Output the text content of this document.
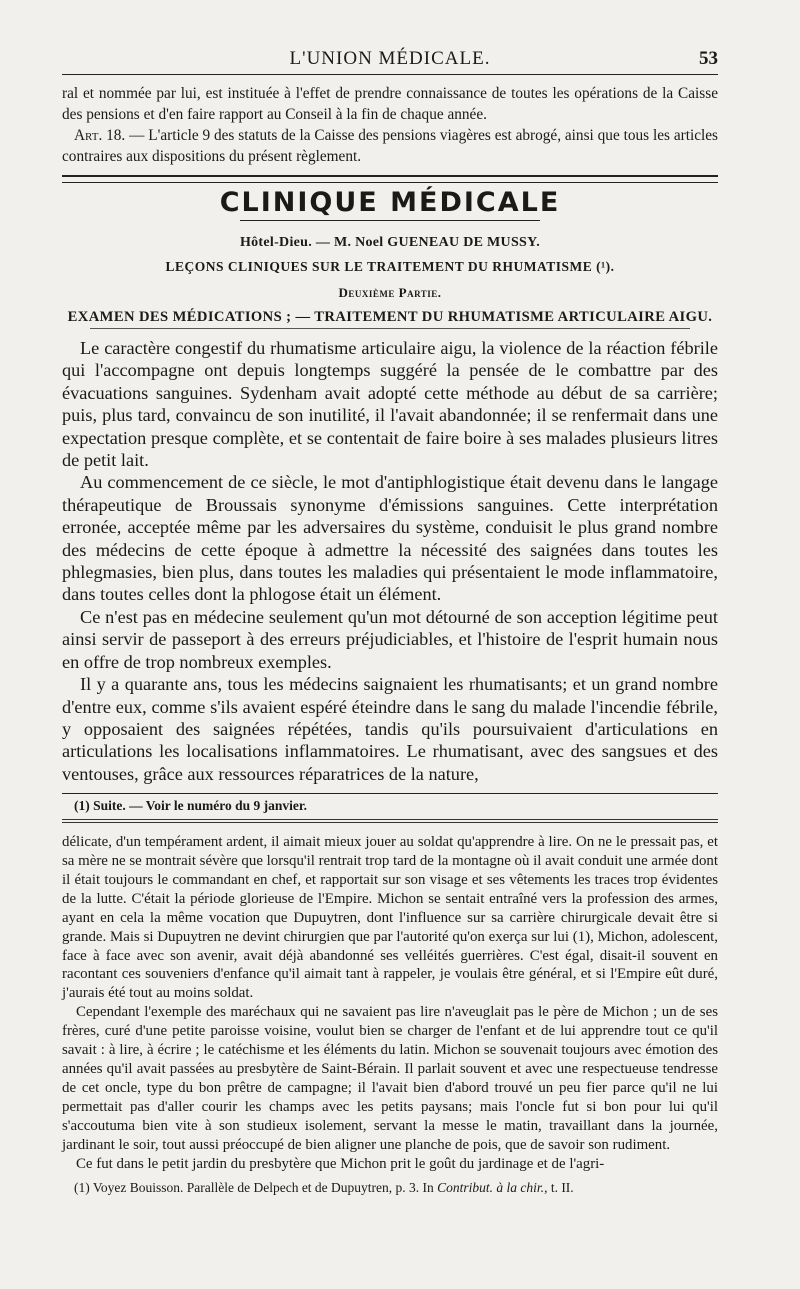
L'UNION MÉDICALE.	53

ral et nommée par lui, est instituée à l'effet de prendre connaissance de toutes les opérations de la Caisse des pensions et d'en faire rapport au Conseil à la fin de chaque année.

Art. 18. — L'article 9 des statuts de la Caisse des pensions viagères est abrogé, ainsi que tous les articles contraires aux dispositions du présent règlement.

CLINIQUE MÉDICALE
Hôtel-Dieu. — M. Noel GUENEAU DE MUSSY.
LEÇONS CLINIQUES SUR LE TRAITEMENT DU RHUMATISME (¹).
Deuxième Partie.
EXAMEN DES MÉDICATIONS ; — TRAITEMENT DU RHUMATISME ARTICULAIRE AIGU.

Le caractère congestif du rhumatisme articulaire aigu, la violence de la réaction fébrile qui l'accompagne ont depuis longtemps suggéré la pensée de le combattre par des évacuations sanguines. Sydenham avait adopté cette méthode au début de sa carrière; puis, plus tard, convaincu de son inutilité, il l'avait abandonnée; il se renfermait dans une expectation presque complète, et se contentait de faire boire à ses malades plusieurs litres de petit lait.

Au commencement de ce siècle, le mot d'antiphlogistique était devenu dans le langage thérapeutique de Broussais synonyme d'émissions sanguines. Cette interprétation erronée, acceptée même par les adversaires du système, conduisit le plus grand nombre des médecins de cette époque à admettre la nécessité des saignées dans toutes les phlegmasies, bien plus, dans toutes les maladies qui présentaient le mode inflammatoire, dans toutes celles dont la phlogose était un élément.

Ce n'est pas en médecine seulement qu'un mot détourné de son acception légitime peut ainsi servir de passeport à des erreurs préjudiciables, et l'histoire de l'esprit humain nous en offre de trop nombreux exemples.

Il y a quarante ans, tous les médecins saignaient les rhumatisants; et un grand nombre d'entre eux, comme s'ils avaient espéré éteindre dans le sang du malade l'incendie fébrile, y opposaient des saignées répétées, tandis qu'ils poursuivaient d'articulations en articulations les localisations inflammatoires. Le rhumatisant, avec des sangsues et des ventouses, grâce aux ressources réparatrices de la nature,

(1) Suite. — Voir le numéro du 9 janvier.

délicate, d'un tempérament ardent, il aimait mieux jouer au soldat qu'apprendre à lire. On ne le pressait pas, et sa mère ne se montrait sévère que lorsqu'il rentrait trop tard de la montagne où il avait conduit une armée dont il était toujours le commandant en chef, et rapportait sur son visage et ses vêtements les traces trop évidentes de la lutte. C'était la période glorieuse de l'Empire. Michon se sentait entraîné vers la profession des armes, ayant en cela la même vocation que Dupuytren, dont l'influence sur sa carrière chirurgicale devait être si grande. Mais si Dupuytren ne devint chirurgien que par l'autorité qu'on exerça sur lui (1), Michon, adolescent, face à face avec son avenir, avait déjà abandonné ses velléités guerrières. C'est égal, disait-il souvent en racontant ces souveniers d'enfance qu'il aimait tant à rappeler, je voulais être général, et si l'Empire eût duré, j'aurais été tout au moins soldat.

Cependant l'exemple des maréchaux qui ne savaient pas lire n'aveuglait pas le père de Michon ; un de ses frères, curé d'une petite paroisse voisine, voulut bien se charger de l'enfant et de lui apprendre tout ce qu'il savait : à lire, à écrire ; le catéchisme et les éléments du latin. Michon se souvenait toujours avec émotion des années qu'il avait passées au presbytère de Saint-Bérain. Il parlait souvent et avec une respectueuse tendresse de cet oncle, type du bon prêtre de campagne; il l'avait bien d'abord trouvé un peu fier parce qu'il ne lui permettait pas d'aller courir les champs avec les petits paysans; mais l'oncle fut si bon pour lui qu'il s'accoutuma bien vite à son studieux isolement, servant la messe le matin, travaillant dans la journée, jardinant le soir, tout aussi préoccupé de bien aligner une planche de pois, que de savoir son rudiment.

Ce fut dans le petit jardin du presbytère que Michon prit le goût du jardinage et de l'agri-

(1) Voyez Bouisson. Parallèle de Delpech et de Dupuytren, p. 3. In Contribut. à la chir., t. II.
